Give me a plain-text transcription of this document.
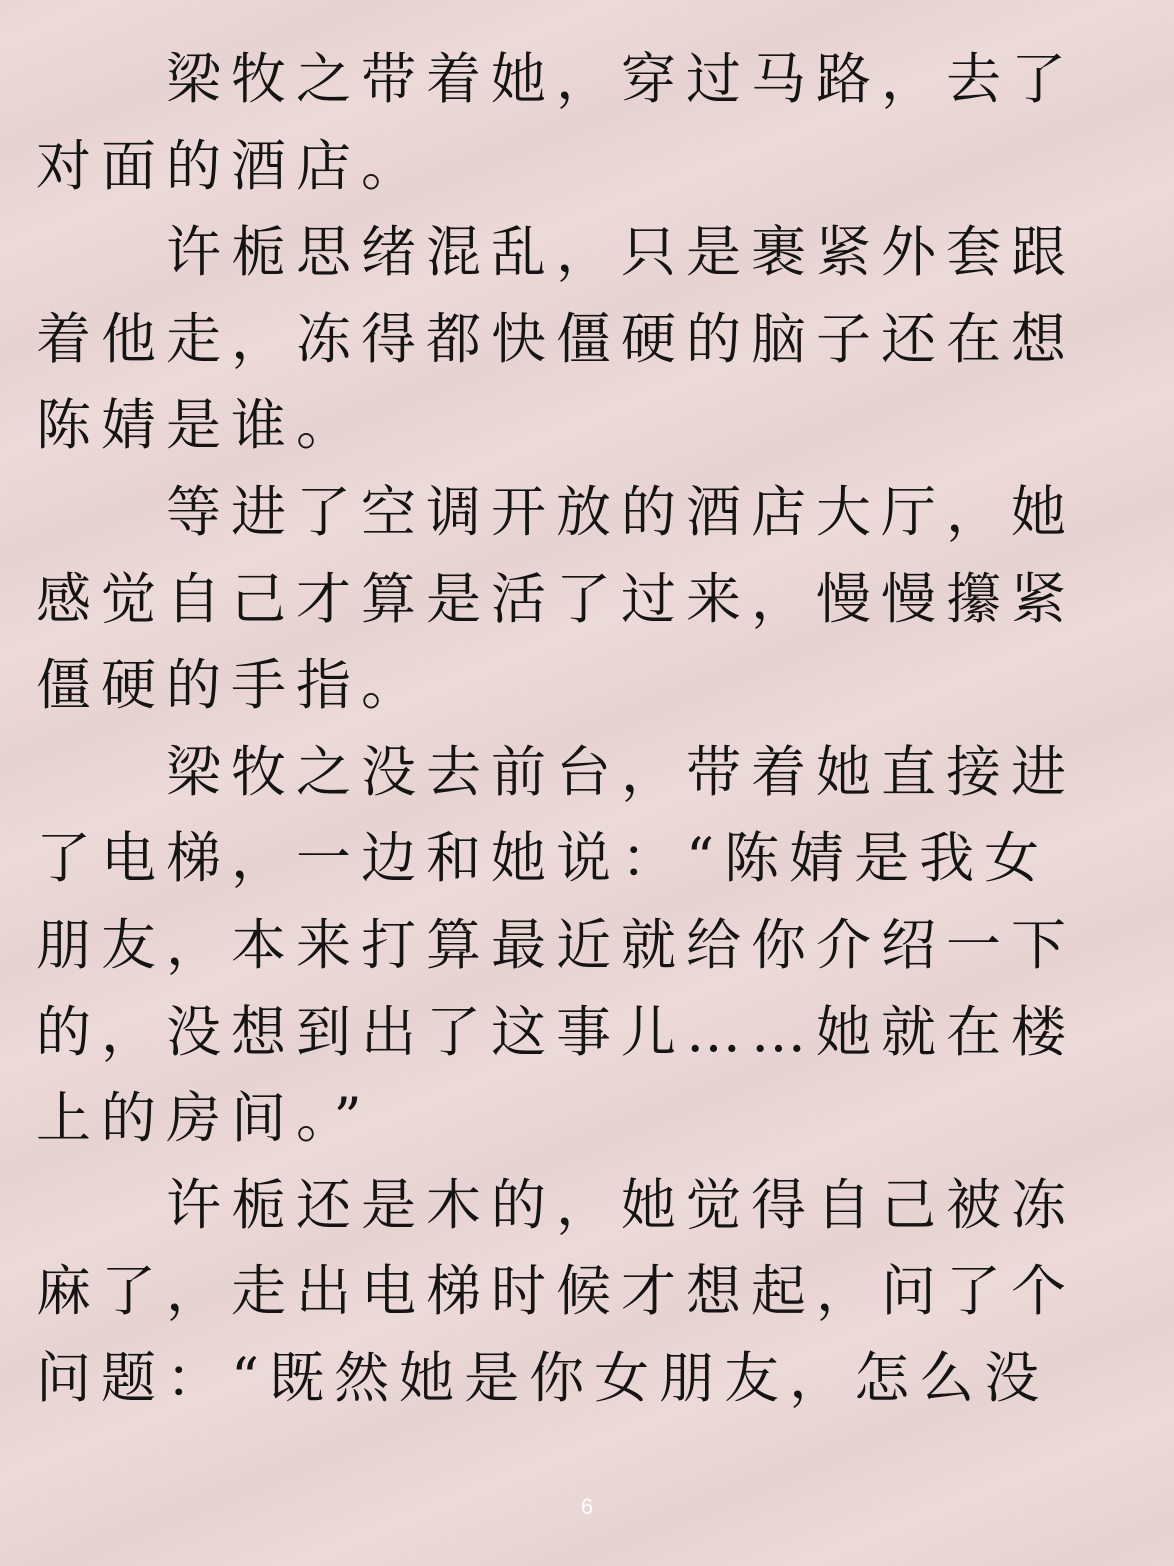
梁牧之带着她，穿过马路，去了
对面的酒店。
许栀思绪混乱，只是裹紧外套跟
着他走，冻得都快僵硬的脑子还在想
陈婧是谁。
等进了空调开放的酒店大厅，她
感觉自己才算是活了过来，慢慢攥紧
僵硬的手指。
梁牧之没去前台，带着她直接进
了电梯，一边和她说：“陈婧是我女
朋友，本来打算最近就给你介绍一下
的，没想到出了这事儿……她就在楼
上的房间。”
许栀还是木的，她觉得自己被冻
麻了，走出电梯时候才想起，问了个
问题：“既然她是你女朋友，怎么没
6
